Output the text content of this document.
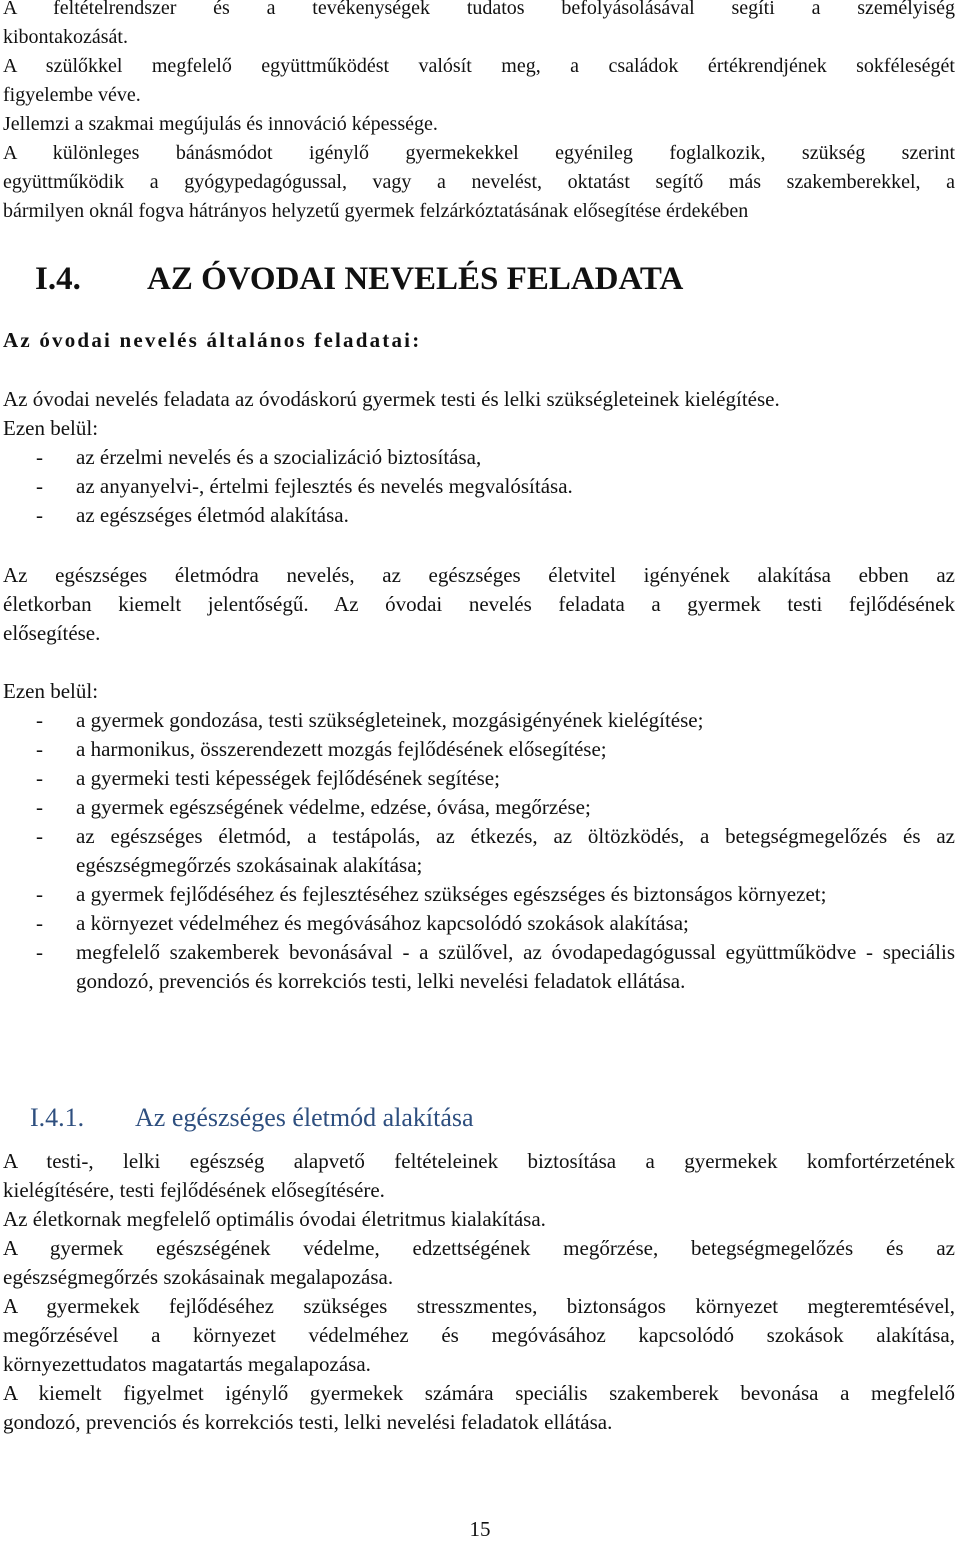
A feltételrendszer és a tevékenységek tudatos befolyásolásával segíti a személyiség

kibontakozását.

A szülőkkel megfelelő együttműködést valósít meg, a családok értékrendjének sokféleségét

figyelembe véve.

Jellemzi a szakmai megújulás és innováció képessége.

A különleges bánásmódot igénylő gyermekekkel egyénileg foglalkozik, szükség szerint

együttműködik a gyógypedagógussal, vagy a nevelést, oktatást segítő más szakemberekkel, a

bármilyen oknál fogva hátrányos helyzetű gyermek felzárkóztatásának elősegítése érdekében

I.4. AZ ÓVODAI NEVELÉS FELADATA
Az óvodai nevelés általános feladatai:

Az óvodai nevelés feladata az óvodáskorú gyermek testi és lelki szükségleteinek kielégítése.

Ezen belül:

- az érzelmi nevelés és a szocializáció biztosítása,
- az anyanyelvi-, értelmi fejlesztés és nevelés megvalósítása.
- az egészséges életmód alakítása.

Az egészséges életmódra nevelés, az egészséges életvitel igényének alakítása ebben az

életkorban kiemelt jelentőségű. Az óvodai nevelés feladata a gyermek testi fejlődésének

elősegítése.

Ezen belül:

- a gyermek gondozása, testi szükségleteinek, mozgásigényének kielégítése;
- a harmonikus, összerendezett mozgás fejlődésének elősegítése;
- a gyermeki testi képességek fejlődésének segítése;
- a gyermek egészségének védelme, edzése, óvása, megőrzése;
- az egészséges életmód, a testápolás, az étkezés, az öltözködés, a betegségmegelőzés és az egészségmegőrzés szokásainak alakítása;
- a gyermek fejlődéséhez és fejlesztéséhez szükséges egészséges és biztonságos környezet;
- a környezet védelméhez és megóvásához kapcsolódó szokások alakítása;
- megfelelő szakemberek bevonásával - a szülővel, az óvodapedagógussal együttműködve - speciális gondozó, prevenciós és korrekciós testi, lelki nevelési feladatok ellátása.
I.4.1. Az egészséges életmód alakítása

A testi-, lelki egészség alapvető feltételeinek biztosítása a gyermekek komfortérzetének

kielégítésére, testi fejlődésének elősegítésére.

Az életkornak megfelelő optimális óvodai életritmus kialakítása.

A gyermek egészségének védelme, edzettségének megőrzése, betegségmegelőzés és az

egészségmegőrzés szokásainak megalapozása.

A gyermekek fejlődéséhez szükséges stresszmentes, biztonságos környezet megteremtésével,

megőrzésével a környezet védelméhez és megóvásához kapcsolódó szokások alakítása,

környezettudatos magatartás megalapozása.

A kiemelt figyelmet igénylő gyermekek számára speciális szakemberek bevonása a megfelelő

gondozó, prevenciós és korrekciós testi, lelki nevelési feladatok ellátása.

15
